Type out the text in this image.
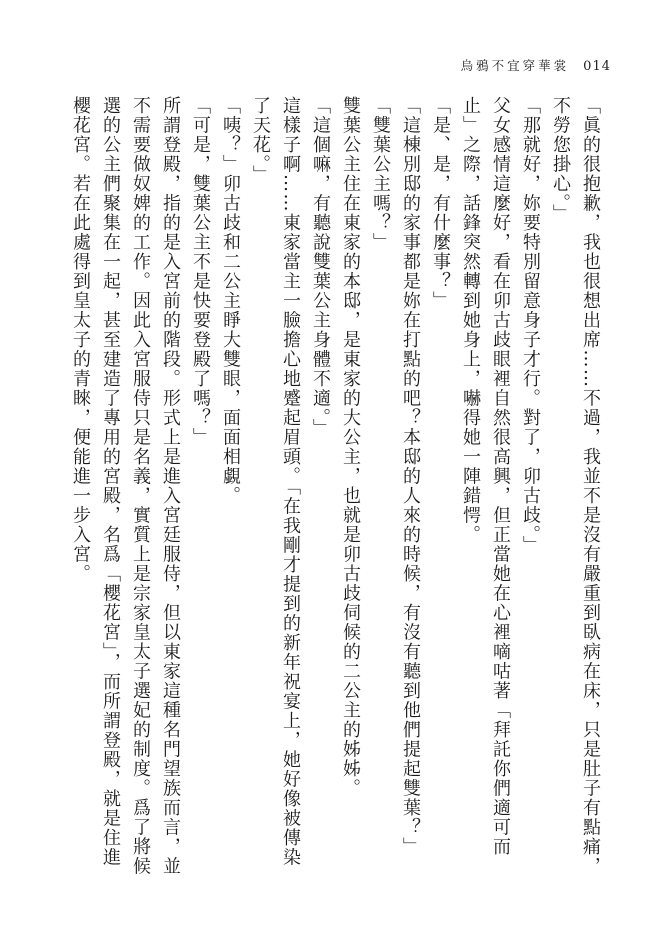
烏鴉不宜穿華裳 014

「眞的很抱歉，我也很想出席……不過，我並不是沒有嚴重到臥病在床，只是肚子有點痛，不勞您掛心。」

「那就好，妳要特別留意身子才行。對了，卯古歧。」

父女感情這麼好，看在卯古歧眼裡自然很高興，但正當她在心裡嘀咕著「拜託你們適可而止」之際，話鋒突然轉到她身上，嚇得她一陣錯愕。

「是、是，有什麼事？」

「這棟別邸的家事都是妳在打點的吧？本邸的人來的時候，有沒有聽到他們提起雙葉？」

「雙葉公主嗎？」

雙葉公主住在東家的本邸，是東家的大公主，也就是卯古歧伺候的二公主的姊姊。

「這個嘛，有聽說雙葉公主身體不適。」

這樣子啊……東家當主一臉擔心地蹙起眉頭。「在我剛才提到的新年祝宴上，她好像被傳染了天花。」

「咦？」卯古歧和二公主睜大雙眼，面面相覷。

「可是，雙葉公主不是快要登殿了嗎？」

所謂登殿，指的是入宮前的階段。形式上是進入宮廷服侍，但以東家這種名門望族而言，並不需要做奴婢的工作。因此入宮服侍只是名義，實質上是宗家皇太子選妃的制度。爲了將候選的公主們聚集在一起，甚至建造了專用的宮殿，名爲「櫻花宮」，而所謂登殿，就是住進櫻花宮。若在此處得到皇太子的青睞，便能進一步入宮。
